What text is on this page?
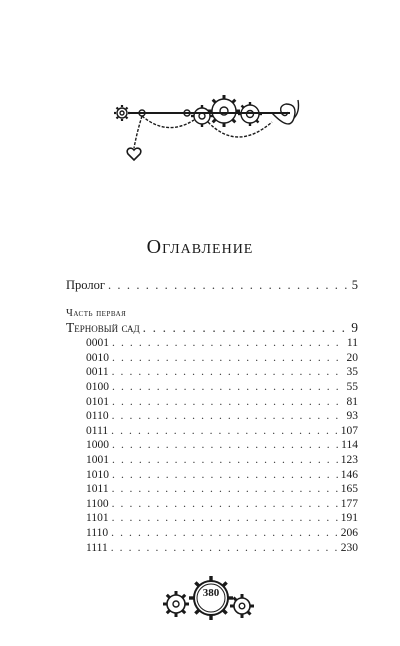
Оглавление
Пролог . . .	5
Часть первая
Терновый сад . . .	9
0001 . . .	11
0010 . . .	20
0011 . . .	35
0100 . . .	55
0101 . . .	81
0110 . . .	93
0111 . . .	107
1000 . . .	114
1001 . . .	123
1010 . . .	146
1011 . . .	165
1100 . . .	177
1101 . . .	191
1110 . . .	206
1111 . . .	230
380
